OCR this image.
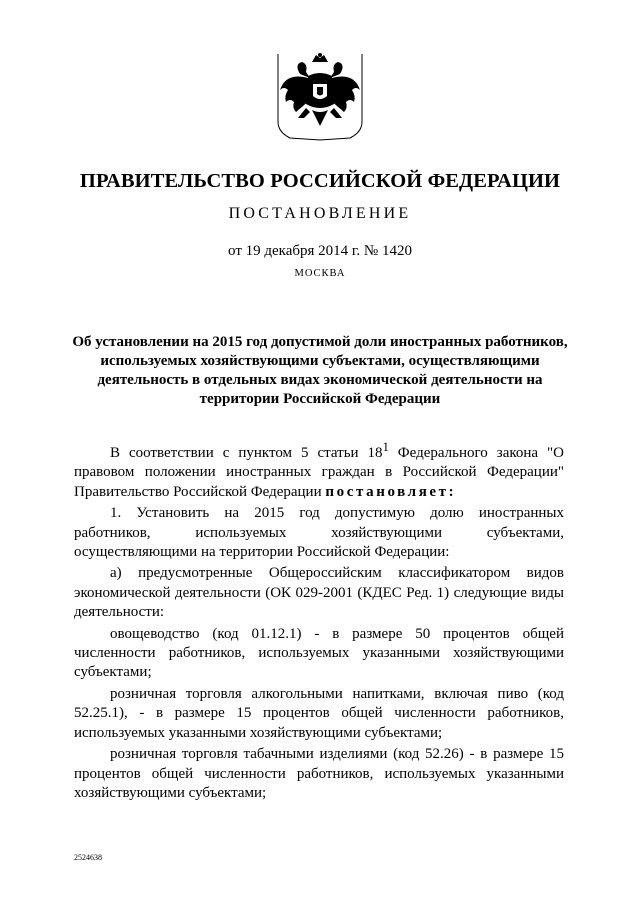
ПРАВИТЕЛЬСТВО РОССИЙСКОЙ ФЕДЕРАЦИИ
ПОСТАНОВЛЕНИЕ
от 19 декабря 2014 г. № 1420
МОСКВА
Об установлении на 2015 год допустимой доли иностранных работников, используемых хозяйствующими субъектами, осуществляющими деятельность в отдельных видах экономической деятельности на территории Российской Федерации

В соответствии с пунктом 5 статьи $18^1$ Федерального закона "О правовом положении иностранных граждан в Российской Федерации" Правительство Российской Федерации постановляет:

1. Установить на 2015 год допустимую долю иностранных работников, используемых хозяйствующими субъектами, осуществляющими на территории Российской Федерации:

а) предусмотренные Общероссийским классификатором видов экономической деятельности (ОК 029-2001 (КДЕС Ред. 1) следующие виды деятельности:

овощеводство (код 01.12.1) - в размере 50 процентов общей численности работников, используемых указанными хозяйствующими субъектами;

розничная торговля алкогольными напитками, включая пиво (код 52.25.1), - в размере 15 процентов общей численности работников, используемых указанными хозяйствующими субъектами;

розничная торговля табачными изделиями (код 52.26) - в размере 15 процентов общей численности работников, используемых указанными хозяйствующими субъектами;

2524638
